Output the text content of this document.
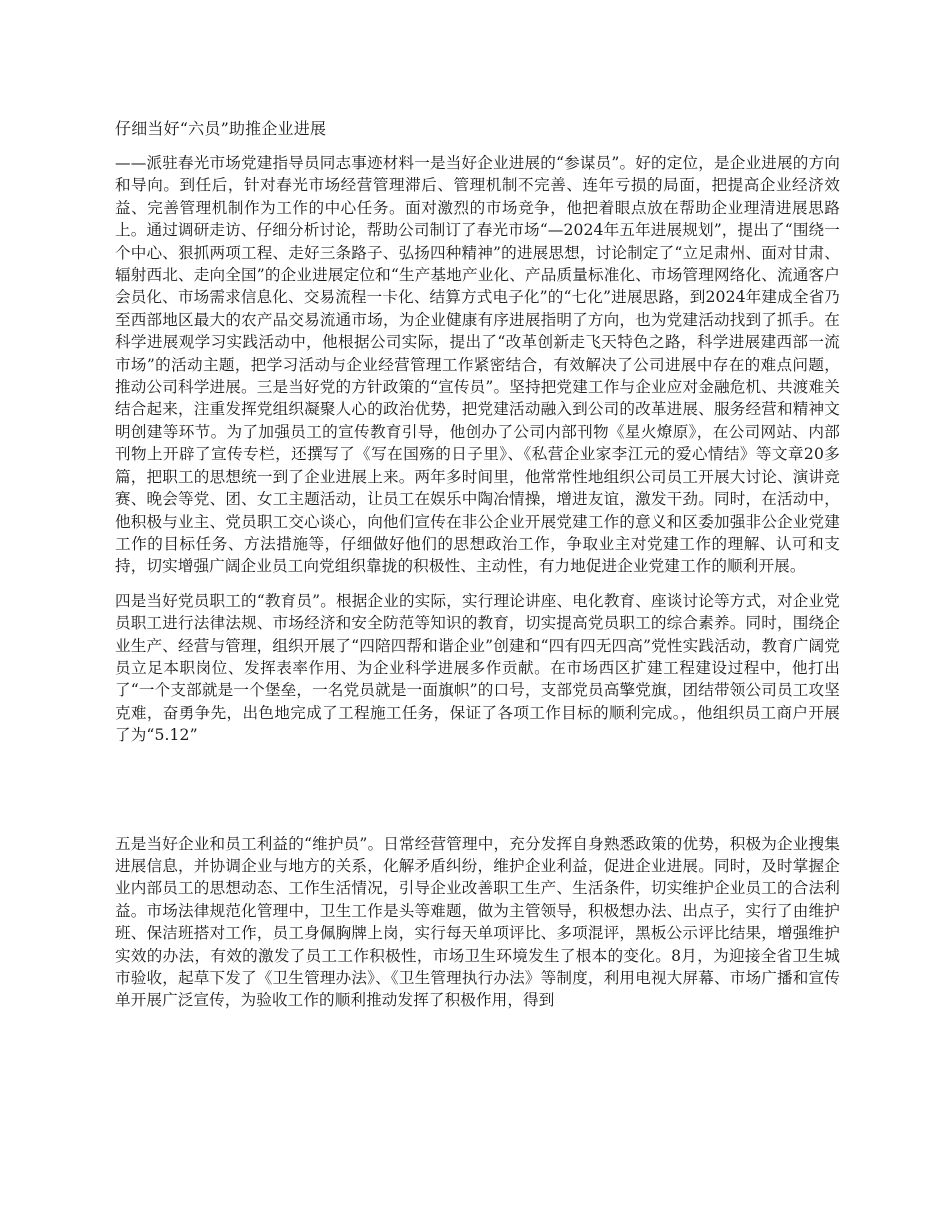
仔细当好“六员”助推企业进展

——派驻春光市场党建指导员同志事迹材料一是当好企业进展的“参谋员”。好的定位，是企业进展的方向和导向。到任后，针对春光市场经营管理滞后、管理机制不完善、连年亏损的局面，把提高企业经济效益、完善管理机制作为工作的中心任务。面对激烈的市场竞争，他把着眼点放在帮助企业理清进展思路上。通过调研走访、仔细分析讨论，帮助公司制订了春光市场“—2024年五年进展规划”，提出了“围绕一个中心、狠抓两项工程、走好三条路子、弘扬四种精神”的进展思想，讨论制定了“立足肃州、面对甘肃、辐射西北、走向全国”的企业进展定位和“生产基地产业化、产品质量标准化、市场管理网络化、流通客户会员化、市场需求信息化、交易流程一卡化、结算方式电子化”的“七化”进展思路，到2024年建成全省乃至西部地区最大的农产品交易流通市场，为企业健康有序进展指明了方向，也为党建活动找到了抓手。在科学进展观学习实践活动中，他根据公司实际，提出了“改革创新走飞天特色之路，科学进展建西部一流市场”的活动主题，把学习活动与企业经营管理工作紧密结合，有效解决了公司进展中存在的难点问题，推动公司科学进展。三是当好党的方针政策的“宣传员”。坚持把党建工作与企业应对金融危机、共渡难关结合起来，注重发挥党组织凝聚人心的政治优势，把党建活动融入到公司的改革进展、服务经营和精神文明创建等环节。为了加强员工的宣传教育引导，他创办了公司内部刊物《星火燎原》，在公司网站、内部刊物上开辟了宣传专栏，还撰写了《写在国殇的日子里》、《私营企业家李江元的爱心情结》等文章20多篇，把职工的思想统一到了企业进展上来。两年多时间里，他常常性地组织公司员工开展大讨论、演讲竞赛、晚会等党、团、女工主题活动，让员工在娱乐中陶冶情操，增进友谊，激发干劲。同时，在活动中，他积极与业主、党员职工交心谈心，向他们宣传在非公企业开展党建工作的意义和区委加强非公企业党建工作的目标任务、方法措施等，仔细做好他们的思想政治工作，争取业主对党建工作的理解、认可和支持，切实增强广阔企业员工向党组织靠拢的积极性、主动性，有力地促进企业党建工作的顺利开展。

四是当好党员职工的“教育员”。根据企业的实际，实行理论讲座、电化教育、座谈讨论等方式，对企业党员职工进行法律法规、市场经济和安全防范等知识的教育，切实提高党员职工的综合素养。同时，围绕企业生产、经营与管理，组织开展了“四陪四帮和谐企业”创建和“四有四无四高”党性实践活动，教育广阔党员立足本职岗位、发挥表率作用、为企业科学进展多作贡献。在市场西区扩建工程建设过程中，他打出了“一个支部就是一个堡垒，一名党员就是一面旗帜”的口号，支部党员高擎党旗，团结带领公司员工攻坚克难，奋勇争先，出色地完成了工程施工任务，保证了各项工作目标的顺利完成。，他组织员工商户开展了为“5.12”

五是当好企业和员工利益的“维护员”。日常经营管理中，充分发挥自身熟悉政策的优势，积极为企业搜集进展信息，并协调企业与地方的关系，化解矛盾纠纷，维护企业利益，促进企业进展。同时，及时掌握企业内部员工的思想动态、工作生活情况，引导企业改善职工生产、生活条件，切实维护企业员工的合法利益。市场法律规范化管理中，卫生工作是头等难题，做为主管领导，积极想办法、出点子，实行了由维护班、保洁班搭对工作，员工身佩胸牌上岗，实行每天单项评比、多项混评，黑板公示评比结果，增强维护实效的办法，有效的激发了员工工作积极性，市场卫生环境发生了根本的变化。8月，为迎接全省卫生城市验收，起草下发了《卫生管理办法》、《卫生管理执行办法》等制度，利用电视大屏幕、市场广播和宣传单开展广泛宣传，为验收工作的顺利推动发挥了积极作用，得到
